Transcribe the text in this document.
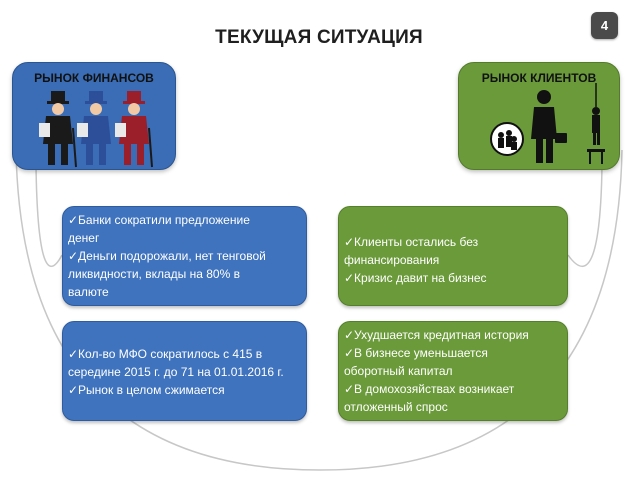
ТЕКУЩАЯ СИТУАЦИЯ
4
РЫНОК ФИНАНСОВ	РЫНОК КЛИЕНТОВ
✓Банки сократили предложение
денег
✓Деньги подорожали, нет тенговой
ликвидности, вклады на 80% в
валюте
✓Кол-во МФО сократилось с 415 в
середине 2015 г. до 71 на 01.01.2016 г.
✓Рынок в целом сжимается
✓Клиенты остались без
финансирования
✓Кризис давит на бизнес
✓Ухудшается кредитная история
✓В бизнесе уменьшается
оборотный капитал
✓В домохозяйствах возникает
отложенный спрос
